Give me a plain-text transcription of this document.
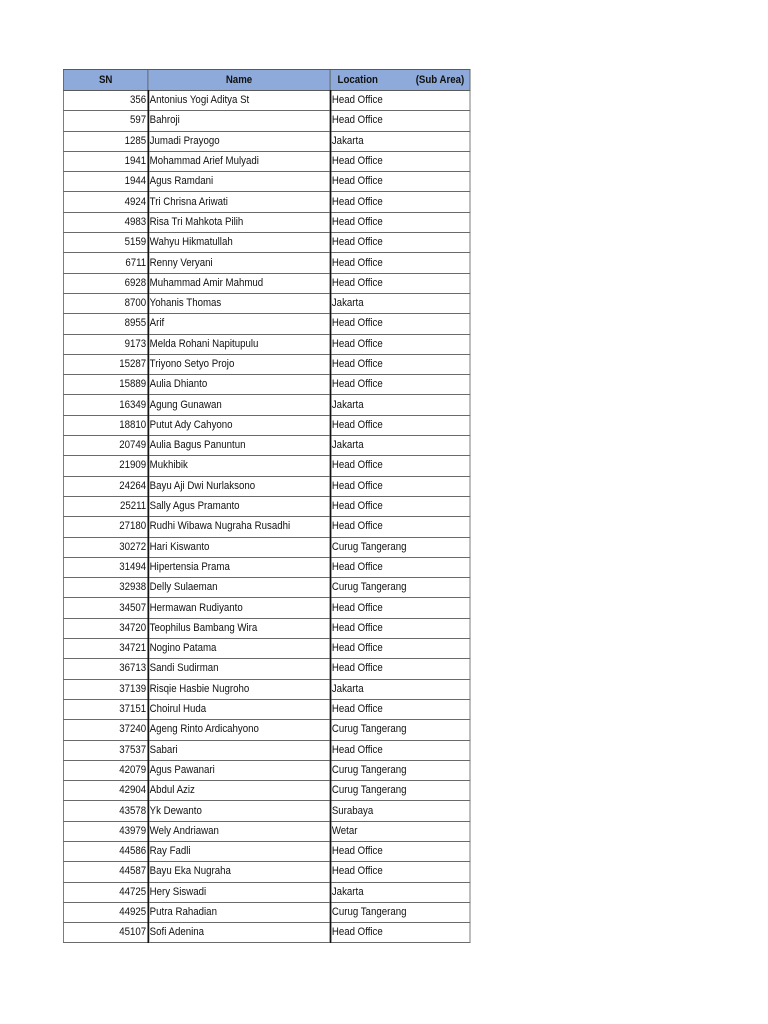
SN	Name	Location (Sub Area)

356	Antonius Yogi Aditya St	Head Office
597	Bahroji	Head Office
1285	Jumadi Prayogo	Jakarta
1941	Mohammad Arief Mulyadi	Head Office
1944	Agus Ramdani	Head Office
4924	Tri Chrisna Ariwati	Head Office
4983	Risa Tri Mahkota Pilih	Head Office
5159	Wahyu Hikmatullah	Head Office
6711	Renny Veryani	Head Office
6928	Muhammad Amir Mahmud	Head Office
8700	Yohanis Thomas	Jakarta
8955	Arif	Head Office
9173	Melda Rohani Napitupulu	Head Office
15287	Triyono Setyo Projo	Head Office
15889	Aulia Dhianto	Head Office
16349	Agung Gunawan	Jakarta
18810	Putut Ady Cahyono	Head Office
20749	Aulia Bagus Panuntun	Jakarta
21909	Mukhibik	Head Office
24264	Bayu Aji Dwi Nurlaksono	Head Office
25211	Sally Agus Pramanto	Head Office
27180	Rudhi Wibawa Nugraha Rusadhi	Head Office
30272	Hari Kiswanto	Curug Tangerang
31494	Hipertensia Prama	Head Office
32938	Delly Sulaeman	Curug Tangerang
34507	Hermawan Rudiyanto	Head Office
34720	Teophilus Bambang Wira	Head Office
34721	Nogino Patama	Head Office
36713	Sandi Sudirman	Head Office
37139	Risqie Hasbie Nugroho	Jakarta
37151	Choirul Huda	Head Office
37240	Ageng Rinto Ardicahyono	Curug Tangerang
37537	Sabari	Head Office
42079	Agus Pawanari	Curug Tangerang
42904	Abdul Aziz	Curug Tangerang
43578	Yk Dewanto	Surabaya
43979	Wely Andriawan	Wetar
44586	Ray Fadli	Head Office
44587	Bayu Eka Nugraha	Head Office
44725	Hery Siswadi	Jakarta
44925	Putra Rahadian	Curug Tangerang
45107	Sofi Adenina	Head Office
